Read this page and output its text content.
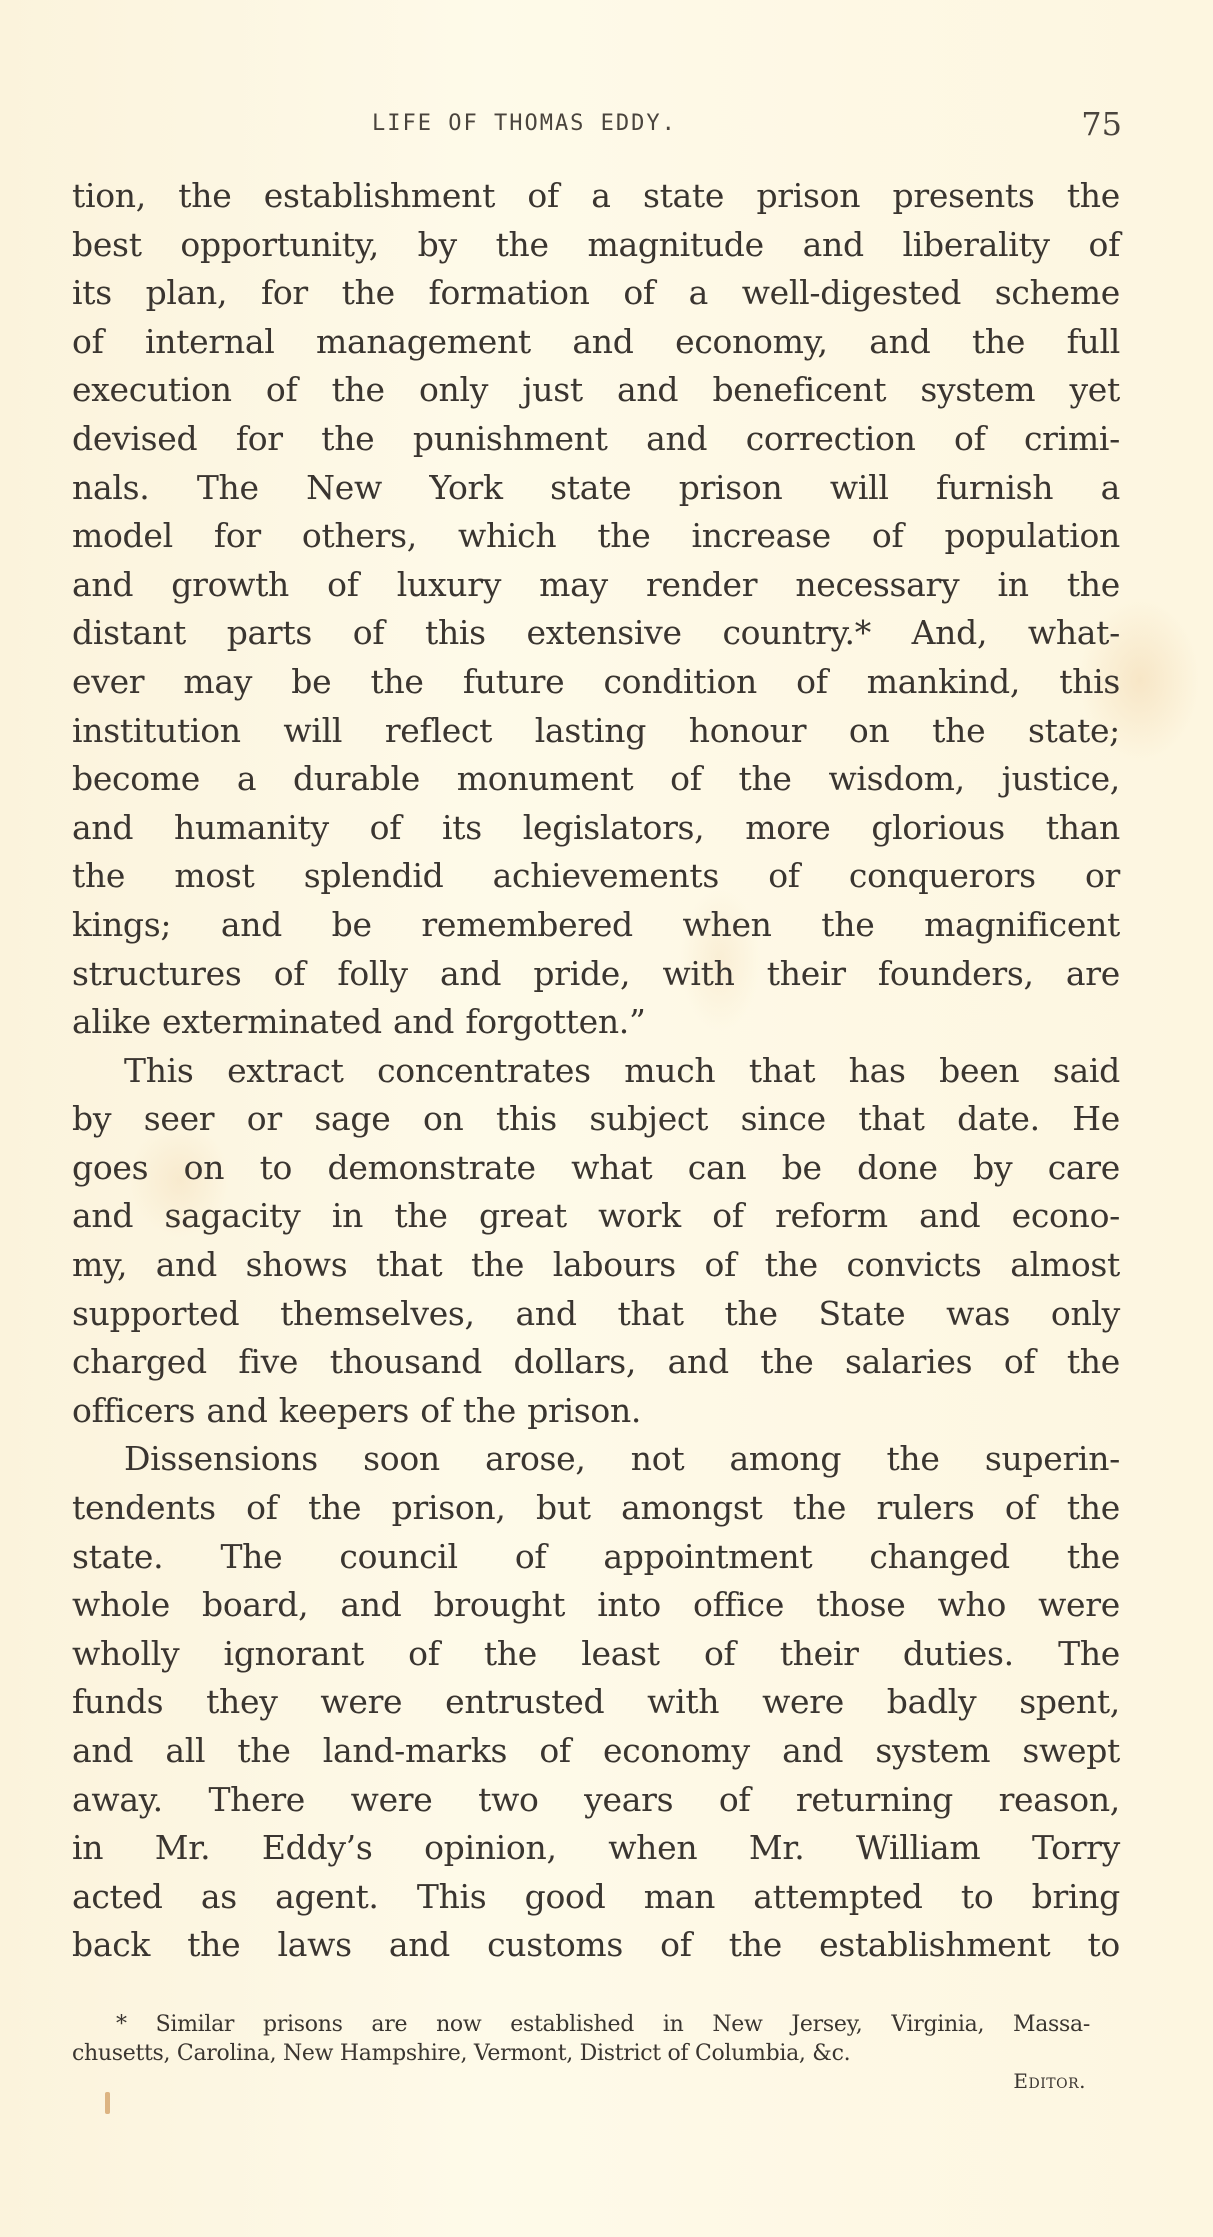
LIFE OF THOMAS EDDY.	75
tion, the establishment of a state prison presents the
best opportunity, by the magnitude and liberality of
its plan, for the formation of a well-digested scheme
of internal management and economy, and the full
execution of the only just and beneficent system yet
devised for the punishment and correction of crimi-
nals. The New York state prison will furnish a
model for others, which the increase of population
and growth of luxury may render necessary in the
distant parts of this extensive country.* And, what-
ever may be the future condition of mankind, this
institution will reflect lasting honour on the state;
become a durable monument of the wisdom, justice,
and humanity of its legislators, more glorious than
the most splendid achievements of conquerors or
kings; and be remembered when the magnificent
structures of folly and pride, with their founders, are
alike exterminated and forgotten.”
This extract concentrates much that has been said
by seer or sage on this subject since that date. He
goes on to demonstrate what can be done by care
and sagacity in the great work of reform and econo-
my, and shows that the labours of the convicts almost
supported themselves, and that the State was only
charged five thousand dollars, and the salaries of the
officers and keepers of the prison.
Dissensions soon arose, not among the superin-
tendents of the prison, but amongst the rulers of the
state. The council of appointment changed the
whole board, and brought into office those who were
wholly ignorant of the least of their duties. The
funds they were entrusted with were badly spent,
and all the land-marks of economy and system swept
away. There were two years of returning reason,
in Mr. Eddy’s opinion, when Mr. William Torry
acted as agent. This good man attempted to bring
back the laws and customs of the establishment to
* Similar prisons are now established in New Jersey, Virginia, Massa-
chusetts, Carolina, New Hampshire, Vermont, District of Columbia, &c.
Editor.
